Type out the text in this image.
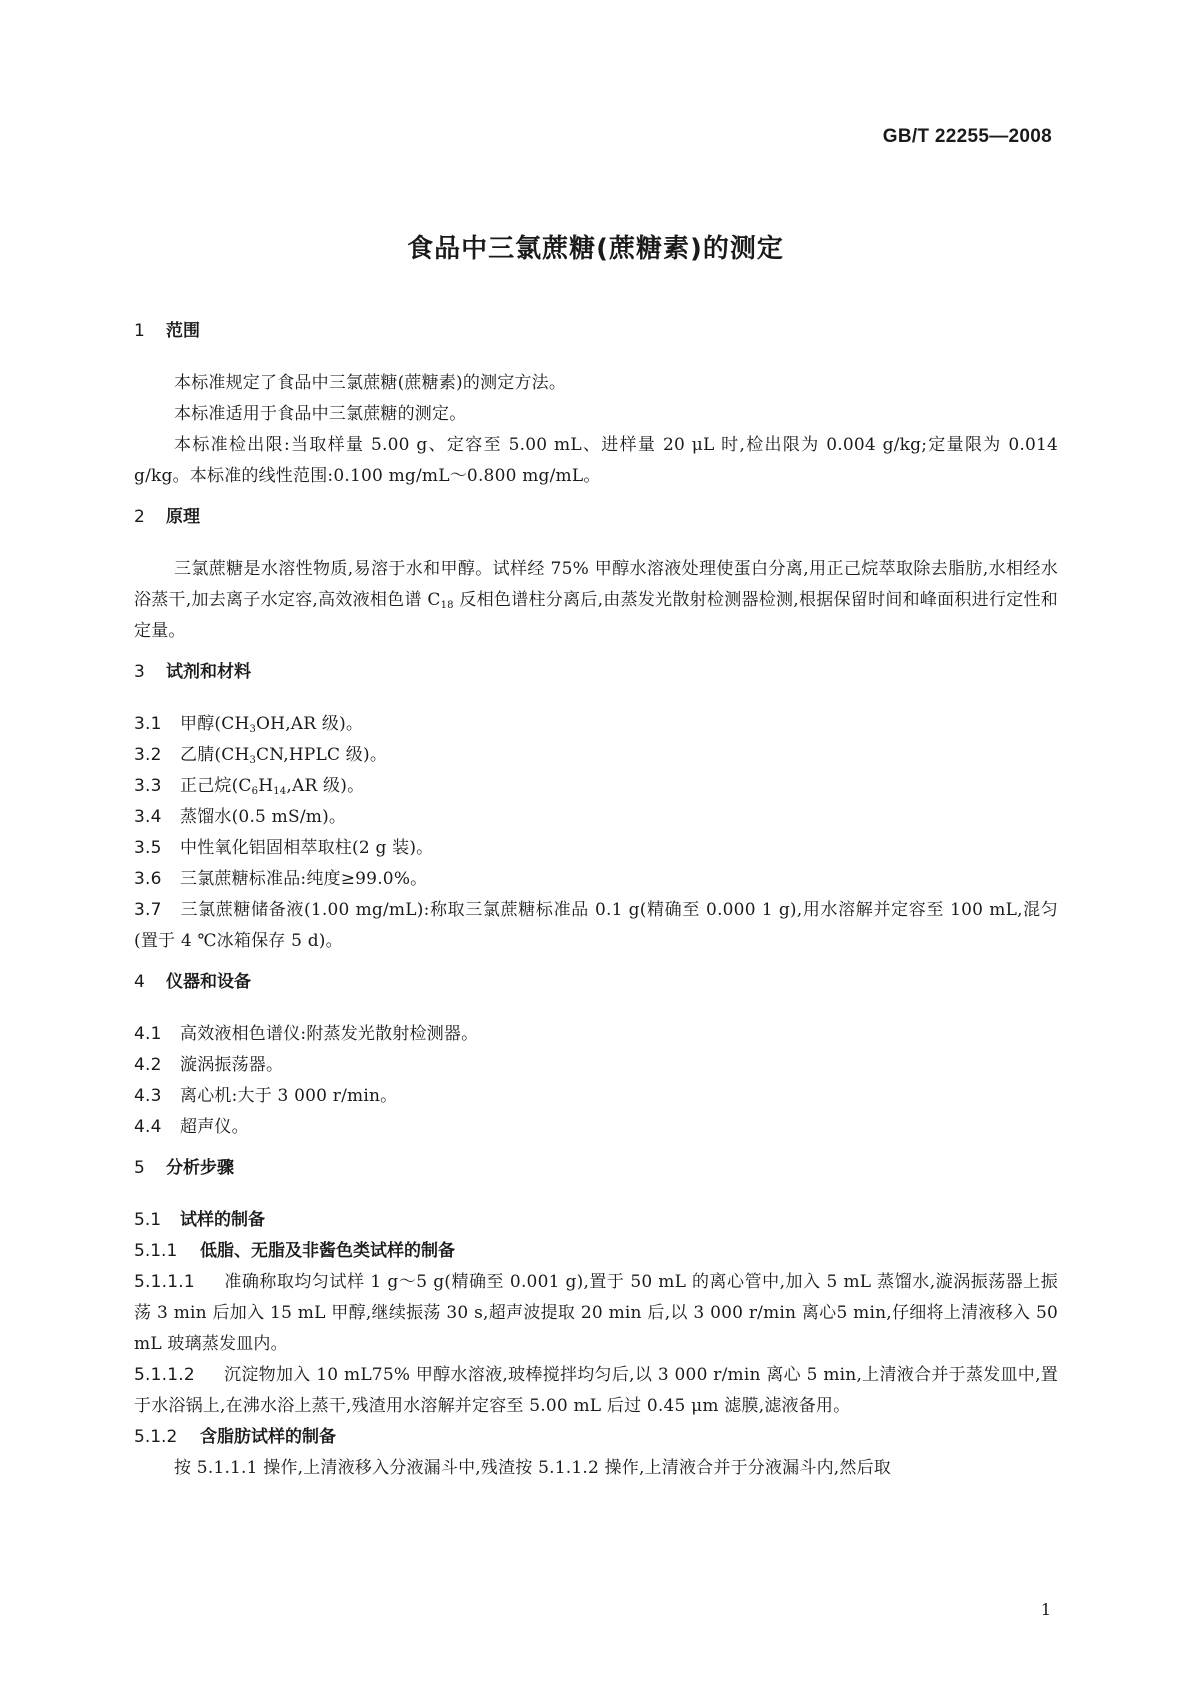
GB/T 22255—2008
食品中三氯蔗糖(蔗糖素)的测定
1 范围

本标准规定了食品中三氯蔗糖(蔗糖素)的测定方法。

本标准适用于食品中三氯蔗糖的测定。

本标准检出限:当取样量 5.00 g、定容至 5.00 mL、进样量 20 μL 时,检出限为 0.004 g/kg;定量限为 0.014 g/kg。本标准的线性范围:0.100 mg/mL～0.800 mg/mL。

2 原理

三氯蔗糖是水溶性物质,易溶于水和甲醇。试样经 75% 甲醇水溶液处理使蛋白分离,用正己烷萃取除去脂肪,水相经水浴蒸干,加去离子水定容,高效液相色谱 $C_{18}$ 反相色谱柱分离后,由蒸发光散射检测器检测,根据保留时间和峰面积进行定性和定量。

3 试剂和材料

3.1 甲醇($CH_3OH,AR$ 级)。

3.2 乙腈($CH_3CN,HPLC$ 级)。

3.3 正己烷($C_6H_{14},AR$ 级)。

3.4 蒸馏水(0.5 mS/m)。

3.5 中性氧化铝固相萃取柱(2 g 装)。

3.6 三氯蔗糖标准品:纯度≥99.0%。

3.7 三氯蔗糖储备液(1.00 mg/mL):称取三氯蔗糖标准品 0.1 g(精确至 0.000 1 g),用水溶解并定容至 100 mL,混匀(置于 4 ℃冰箱保存 5 d)。

4 仪器和设备

4.1 高效液相色谱仪:附蒸发光散射检测器。

4.2 漩涡振荡器。

4.3 离心机:大于 3 000 r/min。

4.4 超声仪。

5 分析步骤

5.1 试样的制备

5.1.1 低脂、无脂及非酱色类试样的制备

5.1.1.1 准确称取均匀试样 1 g～5 g(精确至 0.001 g),置于 50 mL 的离心管中,加入 5 mL 蒸馏水,漩涡振荡器上振荡 3 min 后加入 15 mL 甲醇,继续振荡 30 s,超声波提取 20 min 后,以 3 000 r/min 离心5 min,仔细将上清液移入 50 mL 玻璃蒸发皿内。

5.1.1.2 沉淀物加入 10 mL75% 甲醇水溶液,玻棒搅拌均匀后,以 3 000 r/min 离心 5 min,上清液合并于蒸发皿中,置于水浴锅上,在沸水浴上蒸干,残渣用水溶解并定容至 5.00 mL 后过 0.45 μm 滤膜,滤液备用。

5.1.2 含脂肪试样的制备

按 5.1.1.1 操作,上清液移入分液漏斗中,残渣按 5.1.1.2 操作,上清液合并于分液漏斗内,然后取

1
